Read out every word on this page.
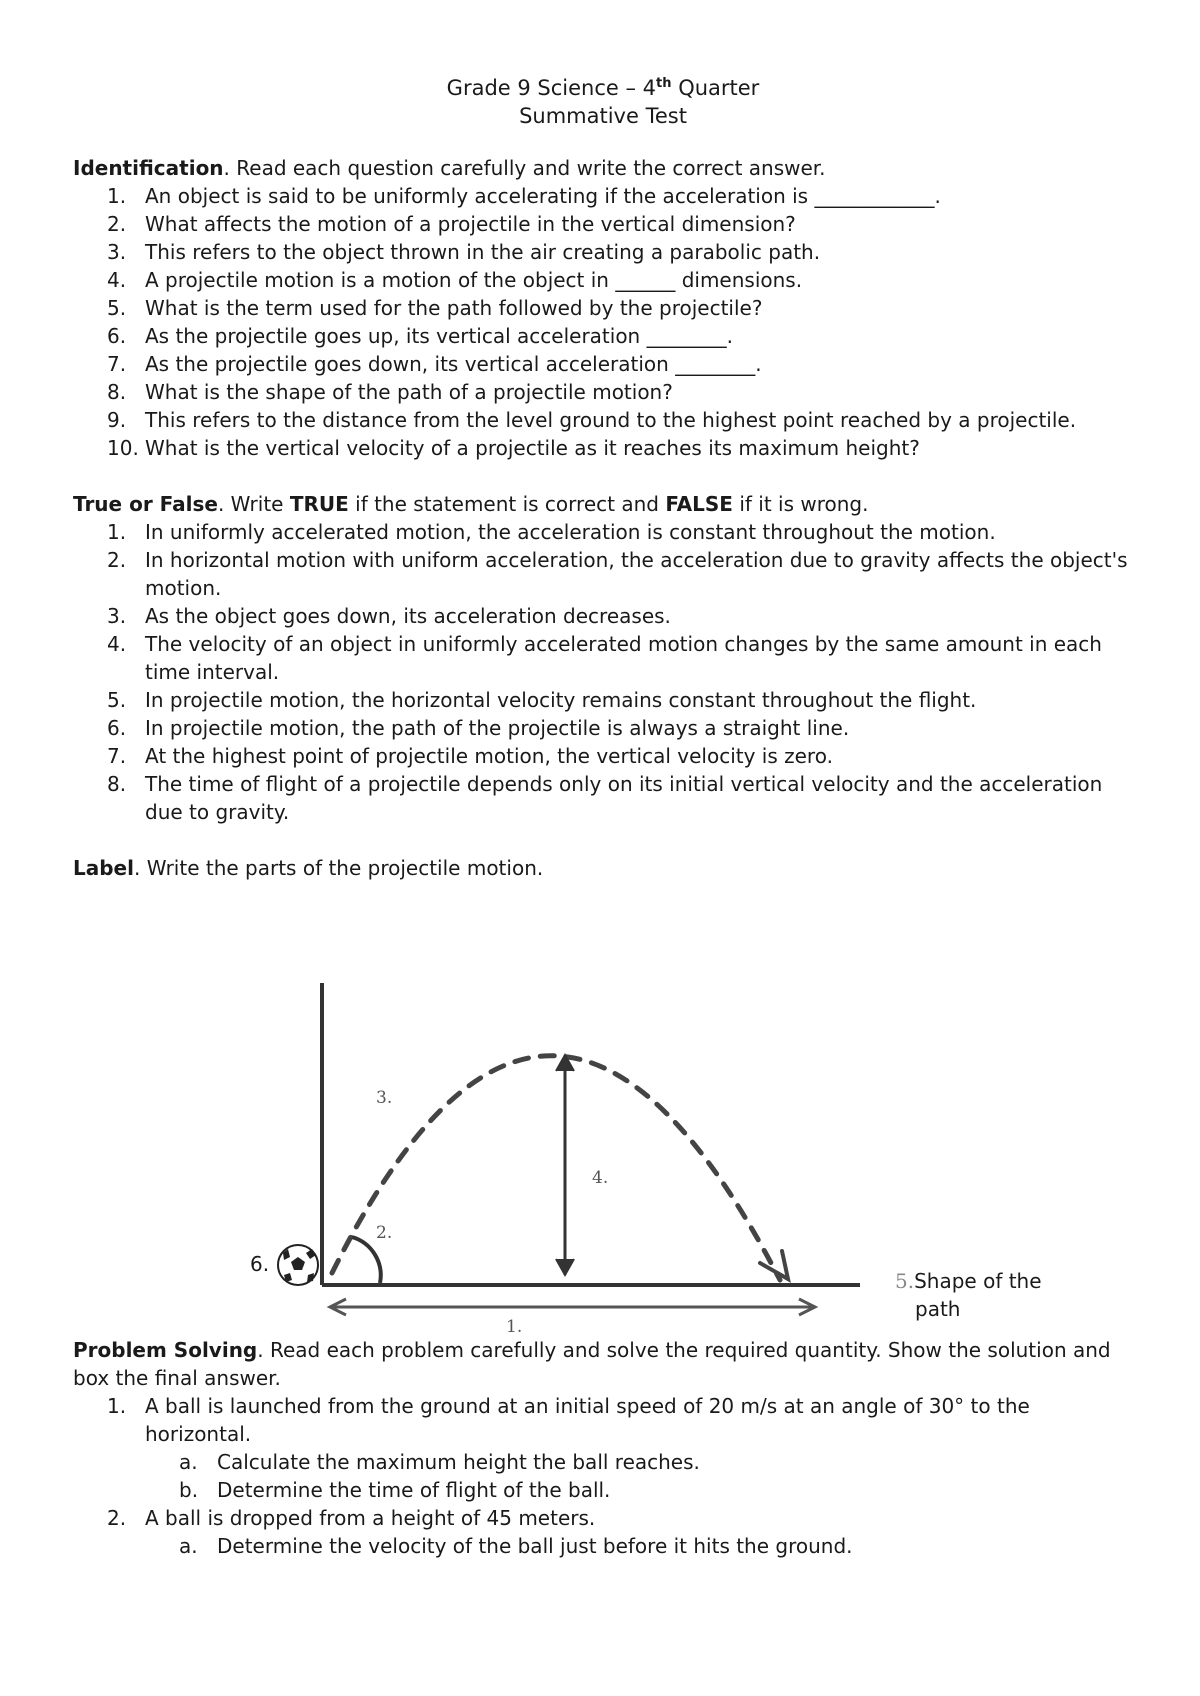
Grade 9 Science – 4th Quarter
Summative Test

Identification. Read each question carefully and write the correct answer.

1. An object is said to be uniformly accelerating if the acceleration is ____________.
2. What affects the motion of a projectile in the vertical dimension?
3. This refers to the object thrown in the air creating a parabolic path.
4. A projectile motion is a motion of the object in ______ dimensions.
5. What is the term used for the path followed by the projectile?
6. As the projectile goes up, its vertical acceleration ________.
7. As the projectile goes down, its vertical acceleration ________.
8. What is the shape of the path of a projectile motion?
9. This refers to the distance from the level ground to the highest point reached by a projectile.
10. What is the vertical velocity of a projectile as it reaches its maximum height?

True or False. Write TRUE if the statement is correct and FALSE if it is wrong.

1. In uniformly accelerated motion, the acceleration is constant throughout the motion.
2. In horizontal motion with uniform acceleration, the acceleration due to gravity affects the object's motion.
3. As the object goes down, its acceleration decreases.
4. The velocity of an object in uniformly accelerated motion changes by the same amount in each time interval.
5. In projectile motion, the horizontal velocity remains constant throughout the flight.
6. In projectile motion, the path of the projectile is always a straight line.
7. At the highest point of projectile motion, the vertical velocity is zero.
8. The time of flight of a projectile depends only on its initial vertical velocity and the acceleration due to gravity.

Label. Write the parts of the projectile motion.

Problem Solving. Read each problem carefully and solve the required quantity. Show the solution and box the final answer.

1. A ball is launched from the ground at an initial speed of 20 m/s at an angle of 30° to the horizontal.
a. Calculate the maximum height the ball reaches.
b. Determine the time of flight of the ball.
2. A ball is dropped from a height of 45 meters.
a. Determine the velocity of the ball just before it hits the ground.
3.
2.
4.
1.
6.
5.Shape of the
path
